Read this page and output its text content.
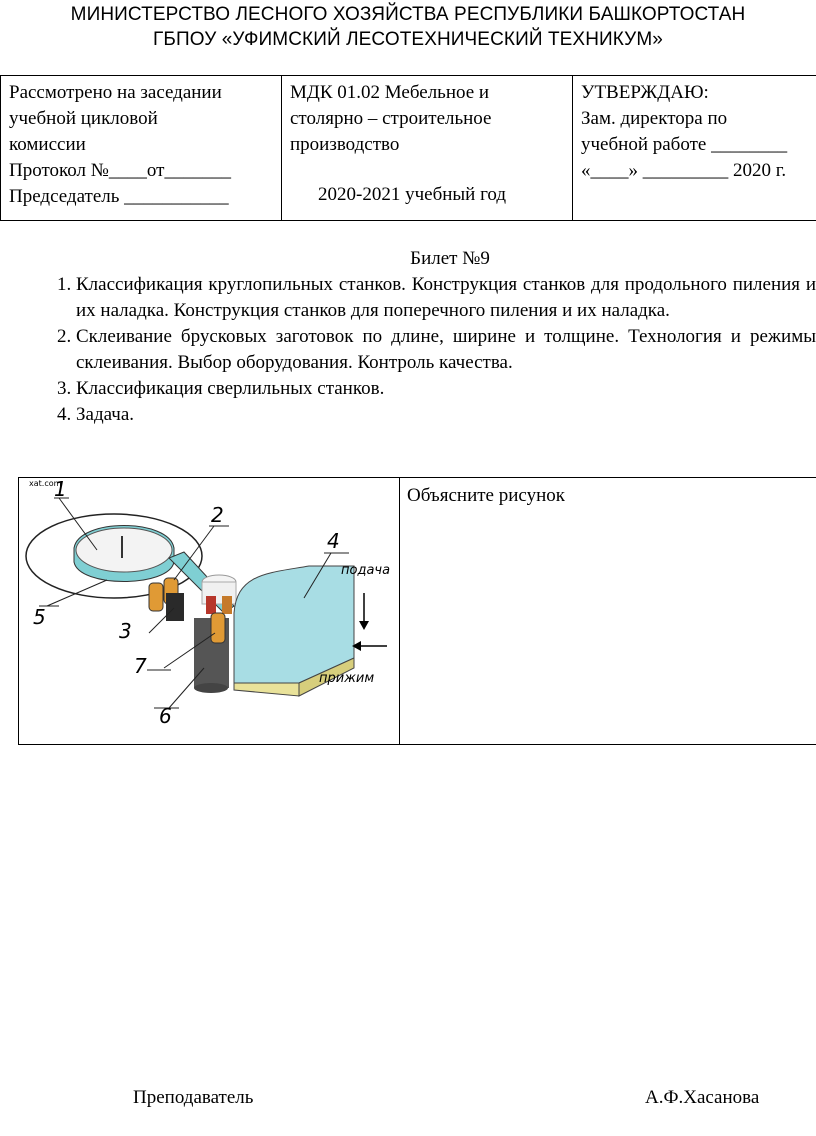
МИНИСТЕРСТВО ЛЕСНОГО ХОЗЯЙСТВА РЕСПУБЛИКИ БАШКОРТОСТАН
ГБПОУ «УФИМСКИЙ ЛЕСОТЕХНИЧЕСКИЙ ТЕХНИКУМ»
Рассмотрено на заседании
учебной цикловой
комиссии
Протокол №____от_______
Председатель ___________
МДК 01.02 Мебельное и
столярно – строительное
производство
2020-2021 учебный год
УТВЕРЖДАЮ:
Зам. директора по
учебной работе ________
«____» _________ 2020 г.
Билет №9
1. Классификация круглопильных станков. Конструкция станков для продольного пиления и их наладка. Конструкция станков для поперечного пиления и их наладка.
2. Склеивание брусковых заготовок по длине, ширине и толщине. Технология и режимы склеивания. Выбор оборудования. Контроль качества.
3. Классификация сверлильных станков.
4. Задача.
xat.com
1
2
3
4
5
6
7
подача
прижим
Объясните рисунок
Преподаватель	А.Ф.Хасанова
